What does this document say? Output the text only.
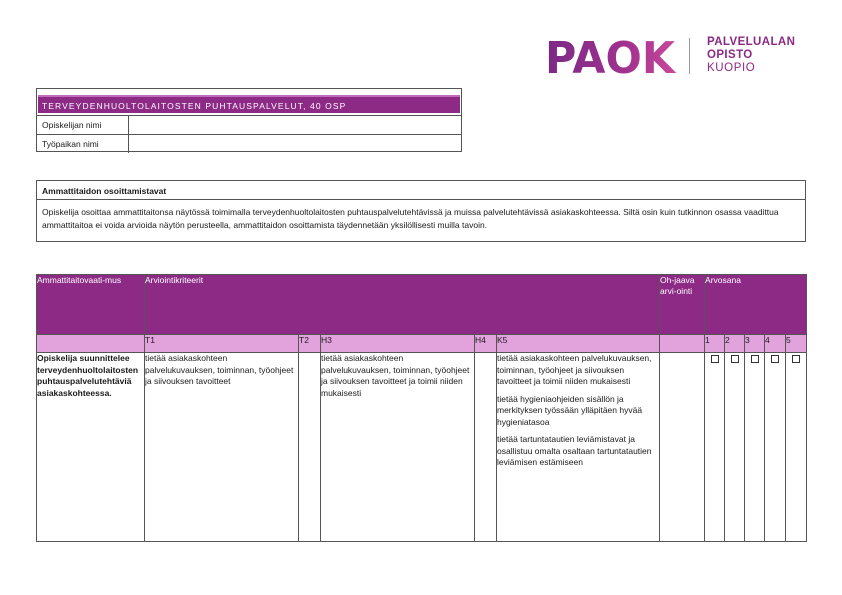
PAOK	PALVELUALAN
OPISTO
KUOPIO
TERVEYDENHUOLTOLAITOSTEN PUHTAUSPALVELUT, 40 OSP
Opiskelijan nimi
Työpaikan nimi
Ammattitaidon osoittamistavat
Opiskelija osoittaa ammattitaitonsa näytössä toimimalla terveydenhuoltolaitosten puhtauspalvelutehtävissä ja muissa palvelutehtävissä asiakaskohteessa. Siltä osin kuin tutkinnon osassa vaadittua ammattitaitoa ei voida arvioida näytön perusteella, ammattitaidon osoittamista täydennetään yksilöllisesti muilla tavoin.
Ammattitaitovaati-mus	Arviointikriteerit					Oh-jaava arvi-ointi	Arvosana				
	T1	T2	H3	H4	K5		1	2	3	4	5
Opiskelija suunnittelee terveydenhuoltolaitosten puhtauspalvelutehtäviä asiakaskohteessa.	tietää asiakaskohteen palvelukuvauksen, toiminnan, työohjeet ja siivouksen tavoitteet		tietää asiakaskohteen palvelukuvauksen, toiminnan, työohjeet ja siivouksen tavoitteet ja toimii niiden mukaisesti		tietää asiakaskohteen palvelukuvauksen, toiminnan, työohjeet ja siivouksen tavoitteet ja toimii niiden mukaisesti

tietää hygieniaohjeiden sisällön ja merkityksen työssään ylläpitäen hyvää hygieniatasoa

tietää tartuntatautien leviämistavat ja osallistuu omalta osaltaan tartuntatautien leviämisen estämiseen						
